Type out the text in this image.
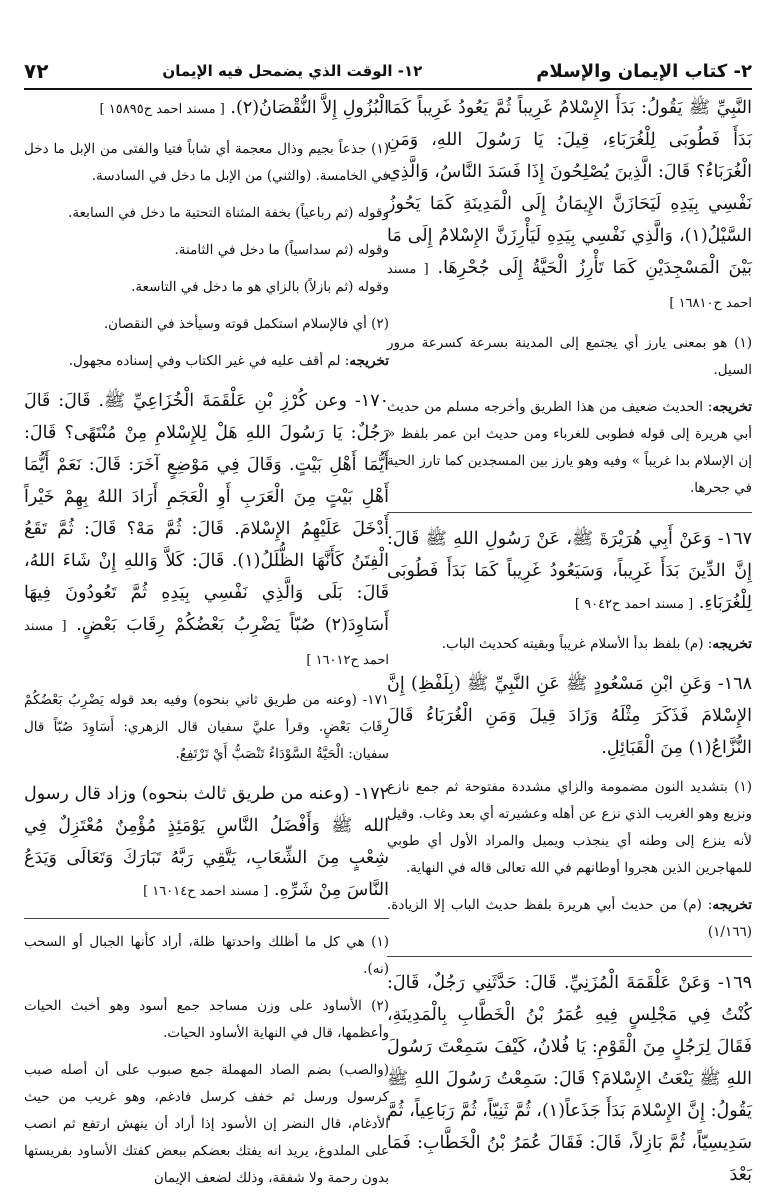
٢- كتاب الإيمان والإسلام
١٢- الوقت الذي يضمحل فيه الإيمان
٧٢

النَّبِيِّ ﷺ يَقُولُ: بَدَأَ الإِسْلامُ غَرِيباً ثُمَّ يَعُودُ غَرِيباً كَمَا بَدَأَ فَطُوبَى لِلْغُرَبَاءِ، قِيلَ: يَا رَسُولَ اللهِ، وَمَنِ الْغُرَبَاءُ؟ قَالَ: الَّذِينَ يُصْلِحُونَ إِذَا فَسَدَ النَّاسُ، وَالَّذِي نَفْسِي بِيَدِهِ لَيَحَازَنَّ الإِيمَانُ إِلَى الْمَدِينَةِ كَمَا يَحُوزُ السَّيْلُ(١)، وَالَّذِي نَفْسِي بِيَدِهِ لَيَأْرِزَنَّ الإِسْلامُ إِلَى مَا بَيْنَ الْمَسْجِدَيْنِ كَمَا تَأْرِزُ الْحَيَّةُ إِلَى جُحْرِهَا. [ مسند احمد ح١٦٨١٠ ]

(١) هو بمعنى يارز أي يجتمع إلى المدينة بسرعة كسرعة مرور السيل.

تخريجه: الحديث ضعيف من هذا الطريق وأخرجه مسلم من حديث أبي هريرة إلى قوله فطوبى للغرباء ومن حديث ابن عمر بلفظ « إن الإسلام بدا غريباً » وفيه وهو يارز بين المسجدين كما تارز الحية في جحرها.

١٦٧- وَعَنْ أَبِي هُرَيْرَةَ ﷺ، عَنْ رَسُولِ اللهِ ﷺ قَالَ: إِنَّ الدِّينَ بَدَأَ غَرِيباً، وَسَيَعُودُ غَرِيباً كَمَا بَدَأَ فَطُوبَى لِلْغُرَبَاءِ. [ مسند احمد ح٩٠٤٢ ]

تخريجه: (م) بلفظ بدأ الأسلام غريباً وبقيته كحديث الباب.

١٦٨- وَعَنِ ابْنِ مَسْعُودٍ ﷺ عَنِ النَّبِيِّ ﷺ (بِلَفْظِ) إِنَّ الإِسْلامَ فَذَكَرَ مِثْلَهُ وَزَادَ قِيلَ وَمَنِ الْغُرَبَاءُ قَالَ النُّزَّاعُ(١) مِنَ الْقَبَائِلِ.

(١) بتشديد النون مضمومة والزاي مشددة مفتوحة ثم جمع نازع ونزيع وهو الغريب الذي نزع عن أهله وعشيرته أي بعد وغاب. وقيل لأنه ينزع إلى وطنه أي ينجذب ويميل والمراد الأول أي طوبي للمهاجرين الذين هجروا أوطانهم في الله تعالى قاله في النهاية.

تخريجه: (م) من حديث أبي هريرة بلفظ حديث الباب إلا الزيادة. (١/١٦٦)

١٦٩- وَعَنْ عَلْقَمَةَ الْمُزَنِيِّ. قَالَ: حَدَّثَنِي رَجُلٌ، قَالَ: كُنْتُ فِي مَجْلِسٍ فِيهِ عُمَرُ بْنُ الْخَطَّابِ بِالْمَدِينَةِ، فَقَالَ لِرَجُلٍ مِنَ الْقَوْمِ: يَا فُلانُ، كَيْفَ سَمِعْتَ رَسُولَ اللهِ ﷺ يَنْعَتُ الإِسْلامَ؟ قَالَ: سَمِعْتُ رَسُولَ اللهِ ﷺ يَقُولُ: إِنَّ الإِسْلامَ بَدَأَ جَذَعاً(١)، ثُمَّ ثَنِيّاً، ثُمَّ رَبَاعِياً، ثُمَّ سَدِيسِيّاً، ثُمَّ بَازِلاً، قَالَ: فَقَالَ عُمَرُ بْنُ الْخَطَّابِ: فَمَا بَعْدَ

الْبُزُولِ إِلاَّ النُّقْصَانُ(٢). [ مسند احمد ح١٥٨٩٥ ]

(١) جذعاً بجيم وذال معجمة أي شاباً فتيا والفتى من الإبل ما دخل في الخامسة. (والثني) من الإبل ما دخل في السادسة.

وقوله (ثم رباعياً) بخفة المثناة التحتية ما دخل في السابعة.

وقوله (ثم سداسياً) ما دخل في الثامنة.

وقوله (ثم بازلاً) بالزاي هو ما دخل في التاسعة.

(٢) أي فالإسلام استكمل قوته وسيأخذ في النقصان.

تخريجه: لم أقف عليه في غير الكتاب وفي إسناده مجهول.

١٧٠- وعن كُرْزِ بْنِ عَلْقَمَةَ الْخُزَاعِيِّ ﷺ. قَالَ: قَالَ رَجُلٌ: يَا رَسُولَ اللهِ هَلْ لِلإِسْلامِ مِنْ مُنْتَهًى؟ قَالَ: أَيُّمَا أَهْلِ بَيْتٍ. وَقَالَ فِي مَوْضِعٍ آخَرَ: قَالَ: نَعَمْ أَيُّمَا أَهْلِ بَيْتٍ مِنَ الْعَرَبِ أَوِ الْعَجَمِ أَرَادَ اللهُ بِهِمْ خَيْراً أَدْخَلَ عَلَيْهِمُ الإِسْلامَ. قَالَ: ثُمَّ مَهْ؟ قَالَ: ثُمَّ تَقَعُ الْفِتَنُ كَأَنَّهَا الظُّلَلُ(١). قَالَ: كَلاَّ وَاللهِ إِنْ شَاءَ اللهُ، قَالَ: بَلَى وَالَّذِي نَفْسِي بِيَدِهِ ثُمَّ تَعُودُونَ فِيهَا أَسَاوِدَ(٢) صُبّاً يَضْرِبُ بَعْضُكُمْ رِقَابَ بَعْضٍ. [ مسند احمد ح١٦٠١٢ ]

١٧١- (وعنه من طريق ثاني بنحوه) وفيه بعد قوله يَضْرِبُ بَعْضُكُمْ رِقَابَ بَعْضٍ. وقرأ عليَّ سفيان قال الزهري: أَسَاوِدَ صُبّاً قال سفيان: الْحَيَّةُ السَّوْدَاءُ تَنْصَبُّ أَيْ تَرْتَفِعُ.

١٧٢- (وعنه من طريق ثالث بنحوه) وزاد قال رسول الله ﷺ وَأَفْضَلُ النَّاسِ يَوْمَئِذٍ مُؤْمِنٌ مُعْتَزِلٌ فِي شِعْبٍ مِنَ الشِّعَابِ، يَتَّقِي رَبَّهُ تَبَارَكَ وَتَعَالَى وَيَدَعُ النَّاسَ مِنْ شَرِّهِ. [ مسند احمد ح١٦٠١٤ ]

(١) هي كل ما أظلك واحدتها ظلة، أراد كأنها الجبال أو السحب (نه).

(٢) الأساود على وزن مساجد جمع أسود وهو أخبث الحيات وأعظمها، قال في النهاية الأساود الحيات.

(والصب) بضم الصاد المهملة جمع صبوب على أن أصله صبب كرسول ورسل ثم خفف كرسل فادغم، وهو غريب من حيث الأدغام، قال النضر إن الأسود إذا أراد أن ينهش ارتفع ثم انصب على الملدوغ، يريد انه يفتك بعضكم ببعض كفتك الأساود بفريستها بدون رحمة ولا شفقة، وذلك لضعف الإيمان
